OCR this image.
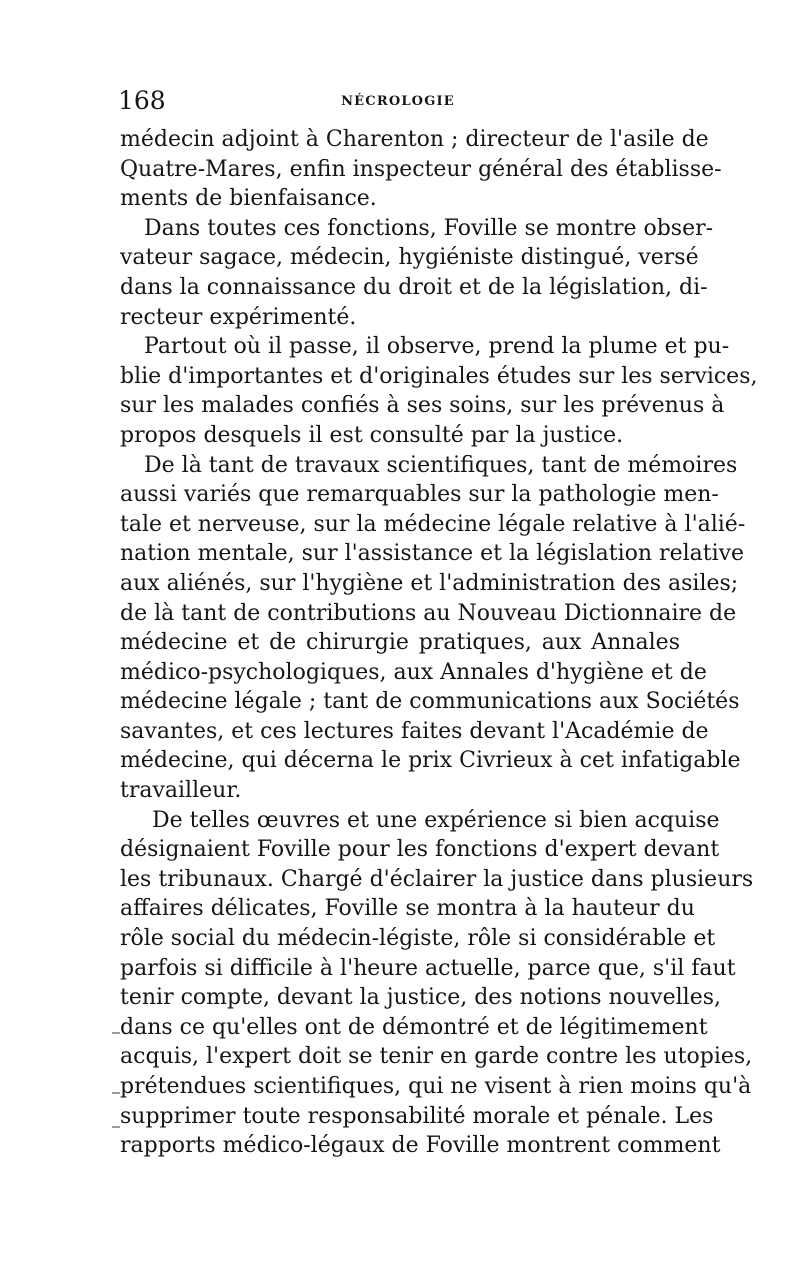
168	NÉCROLOGIE
médecin adjoint à Charenton ; directeur de l'asile de
Quatre-Mares, enfin inspecteur général des établisse-
ments de bienfaisance.
Dans toutes ces fonctions, Foville se montre obser-
vateur sagace, médecin, hygiéniste distingué, versé
dans la connaissance du droit et de la législation, di-
recteur expérimenté.
Partout où il passe, il observe, prend la plume et pu-
blie d'importantes et d'originales études sur les services,
sur les malades confiés à ses soins, sur les prévenus à
propos desquels il est consulté par la justice.
De là tant de travaux scientifiques, tant de mémoires
aussi variés que remarquables sur la pathologie men-
tale et nerveuse, sur la médecine légale relative à l'alié-
nation mentale, sur l'assistance et la législation relative
aux aliénés, sur l'hygiène et l'administration des asiles;
de là tant de contributions au Nouveau Dictionnaire de
médecine et de chirurgie pratiques, aux Annales
médico-psychologiques, aux Annales d'hygiène et de
médecine légale ; tant de communications aux Sociétés
savantes, et ces lectures faites devant l'Académie de
médecine, qui décerna le prix Civrieux à cet infatigable
travailleur.
De telles œuvres et une expérience si bien acquise
désignaient Foville pour les fonctions d'expert devant
les tribunaux. Chargé d'éclairer la justice dans plusieurs
affaires délicates, Foville se montra à la hauteur du
rôle social du médecin-légiste, rôle si considérable et
parfois si difficile à l'heure actuelle, parce que, s'il faut
tenir compte, devant la justice, des notions nouvelles,
dans ce qu'elles ont de démontré et de légitimement
acquis, l'expert doit se tenir en garde contre les utopies,
prétendues scientifiques, qui ne visent à rien moins qu'à
supprimer toute responsabilité morale et pénale. Les
rapports médico-légaux de Foville montrent comment
